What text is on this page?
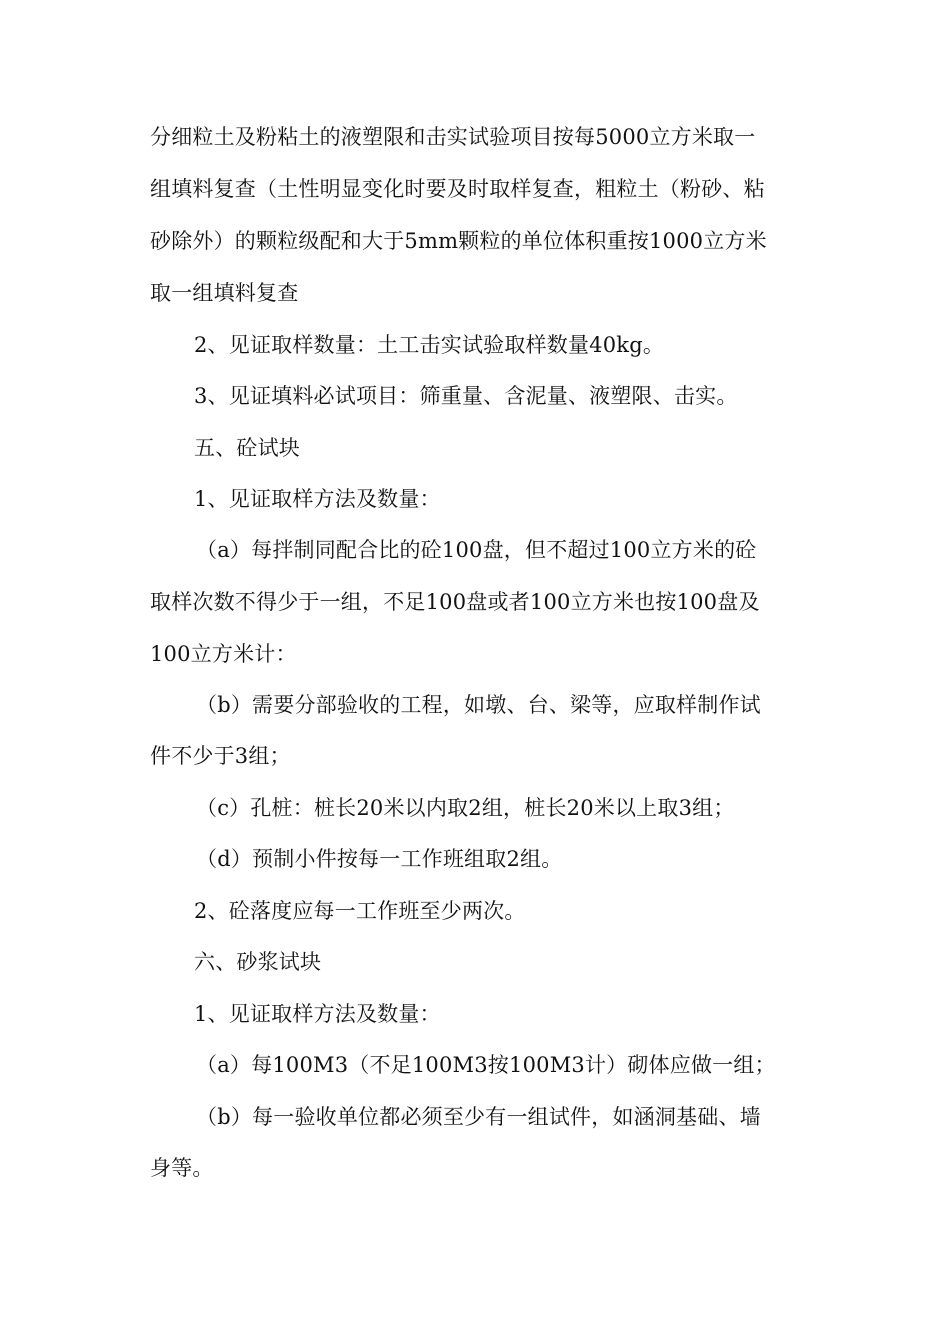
分细粒土及粉粘土的液塑限和击实试验项目按每5000立方米取一
组填料复查（土性明显变化时要及时取样复查，粗粒土（粉砂、粘
砂除外）的颗粒级配和大于5mm颗粒的单位体积重按1000立方米
取一组填料复查
2、见证取样数量：土工击实试验取样数量40kg。
3、见证填料必试项目：筛重量、含泥量、液塑限、击实。
五、砼试块
1、见证取样方法及数量：
（a）每拌制同配合比的砼100盘，但不超过100立方米的砼
取样次数不得少于一组，不足100盘或者100立方米也按100盘及
100立方米计：
（b）需要分部验收的工程，如墩、台、梁等，应取样制作试
件不少于3组；
（c）孔桩：桩长20米以内取2组，桩长20米以上取3组；
（d）预制小件按每一工作班组取2组。
2、砼落度应每一工作班至少两次。
六、砂浆试块
1、见证取样方法及数量：
（a）每100M3（不足100M3按100M3计）砌体应做一组；
（b）每一验收单位都必须至少有一组试件，如涵洞基础、墙
身等。
